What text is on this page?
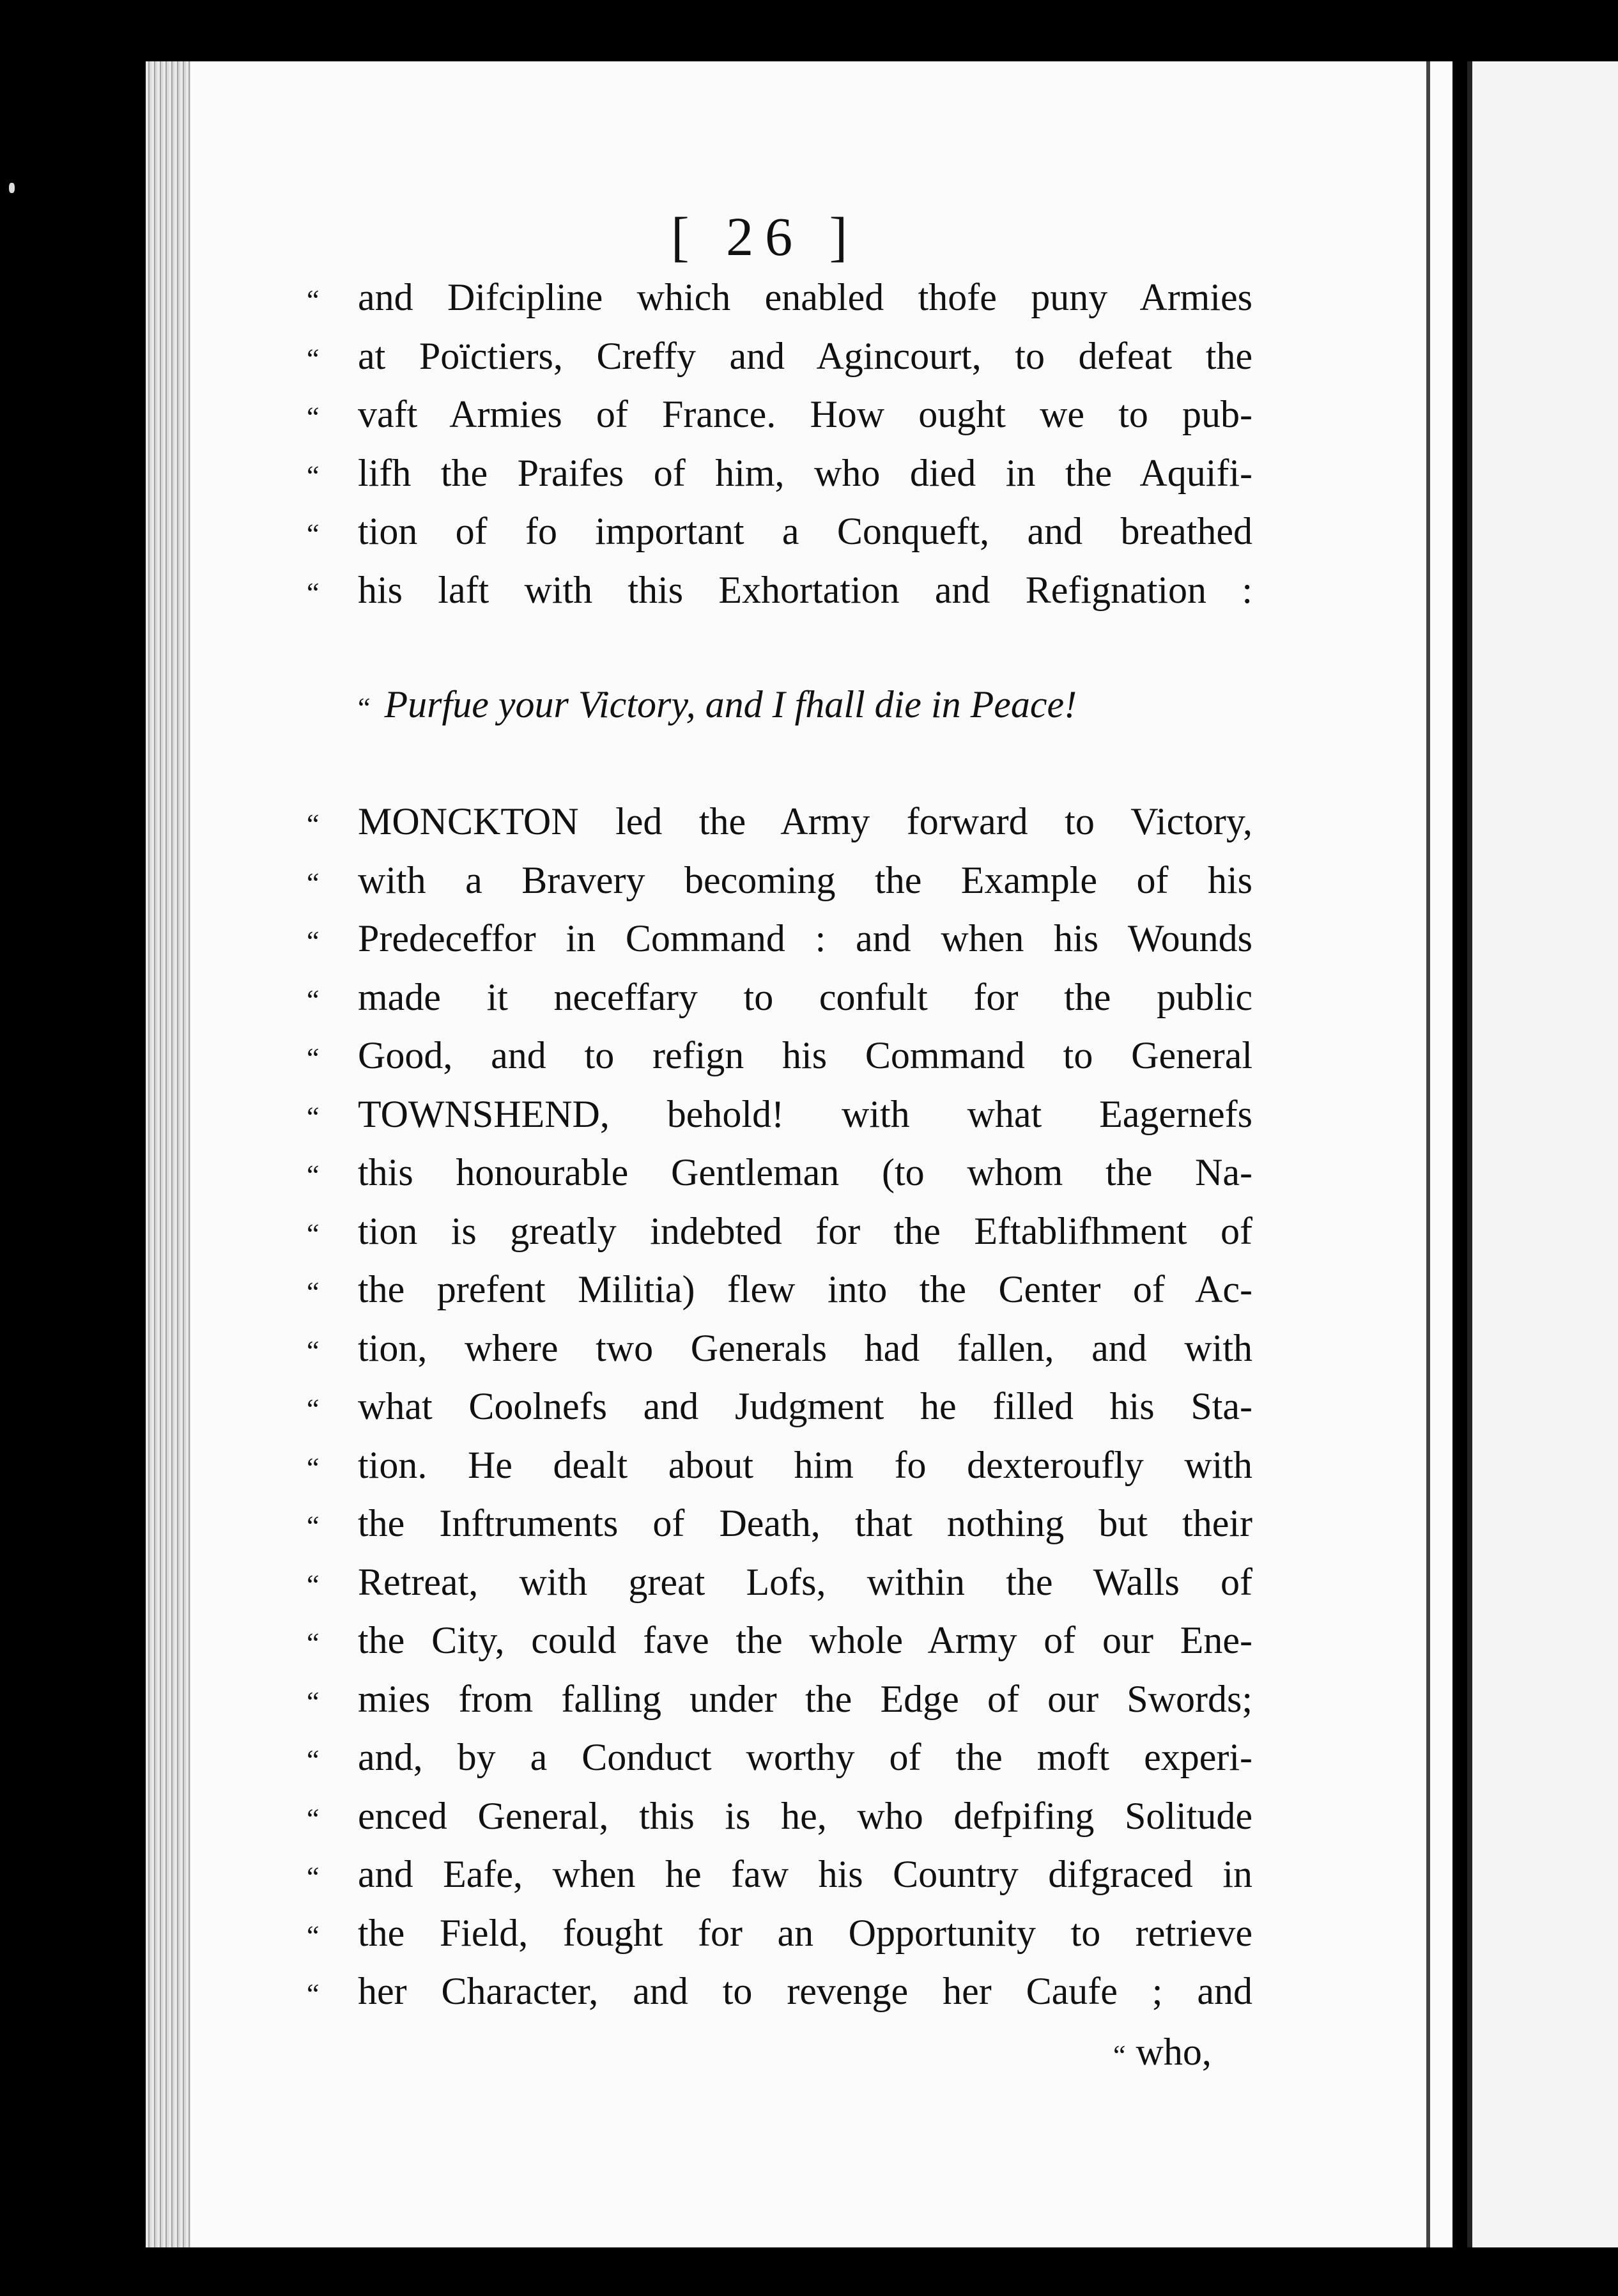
[ 26 ]
“	and Difcipline which enabled thofe puny Armies
“	at Poïctiers, Creffy and Agincourt, to defeat the
“	vaft Armies of France. How ought we to pub-
“	lifh the Praifes of him, who died in the Aquifi-
“	tion of fo important a Conqueft, and breathed
“	his laft with this Exhortation and Refignation :
“ Purfue your Victory, and I fhall die in Peace!
“	MONCKTON led the Army forward to Victory,
“	with a Bravery becoming the Example of his
“	Predeceffor in Command : and when his Wounds
“	made it neceffary to confult for the public
“	Good, and to refign his Command to General
“	TOWNSHEND, behold! with what Eagernefs
“	this honourable Gentleman (to whom the Na-
“	tion is greatly indebted for the Eftablifhment of
“	the prefent Militia) flew into the Center of Ac-
“	tion, where two Generals had fallen, and with
“	what Coolnefs and Judgment he filled his Sta-
“	tion. He dealt about him fo dexteroufly with
“	the Inftruments of Death, that nothing but their
“	Retreat, with great Lofs, within the Walls of
“	the City, could fave the whole Army of our Ene-
“	mies from falling under the Edge of our Swords;
“	and, by a Conduct worthy of the moft experi-
“	enced General, this is he, who defpifing Solitude
“	and Eafe, when he faw his Country difgraced in
“	the Field, fought for an Opportunity to retrieve
“	her Character, and to revenge her Caufe ; and
“ who,
